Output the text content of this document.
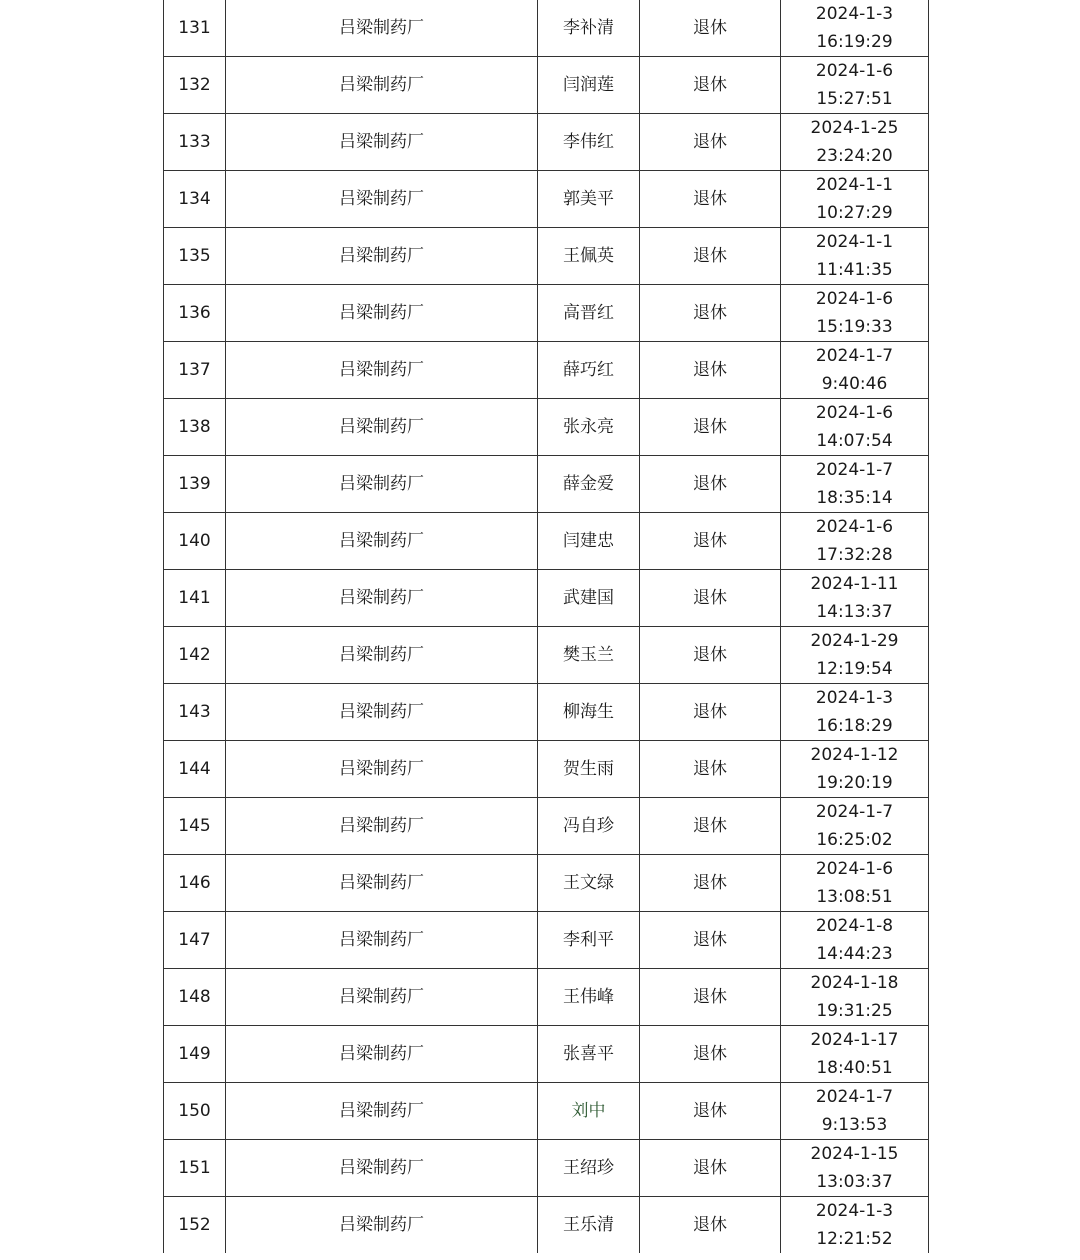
131	吕梁制药厂	李补清	退休	2024-1-3
16:19:29

132	吕梁制药厂	闫润莲	退休	2024-1-6
15:27:51

133	吕梁制药厂	李伟红	退休	2024-1-25
23:24:20

134	吕梁制药厂	郭美平	退休	2024-1-1
10:27:29

135	吕梁制药厂	王佩英	退休	2024-1-1
11:41:35

136	吕梁制药厂	高晋红	退休	2024-1-6
15:19:33

137	吕梁制药厂	薛巧红	退休	2024-1-7
9:40:46

138	吕梁制药厂	张永亮	退休	2024-1-6
14:07:54

139	吕梁制药厂	薛金爱	退休	2024-1-7
18:35:14

140	吕梁制药厂	闫建忠	退休	2024-1-6
17:32:28

141	吕梁制药厂	武建国	退休	2024-1-11
14:13:37

142	吕梁制药厂	樊玉兰	退休	2024-1-29
12:19:54

143	吕梁制药厂	柳海生	退休	2024-1-3
16:18:29

144	吕梁制药厂	贺生雨	退休	2024-1-12
19:20:19

145	吕梁制药厂	冯自珍	退休	2024-1-7
16:25:02

146	吕梁制药厂	王文绿	退休	2024-1-6
13:08:51

147	吕梁制药厂	李利平	退休	2024-1-8
14:44:23

148	吕梁制药厂	王伟峰	退休	2024-1-18
19:31:25

149	吕梁制药厂	张喜平	退休	2024-1-17
18:40:51

150	吕梁制药厂	刘中	退休	2024-1-7
9:13:53

151	吕梁制药厂	王绍珍	退休	2024-1-15
13:03:37

152	吕梁制药厂	王乐清	退休	2024-1-3
12:21:52
